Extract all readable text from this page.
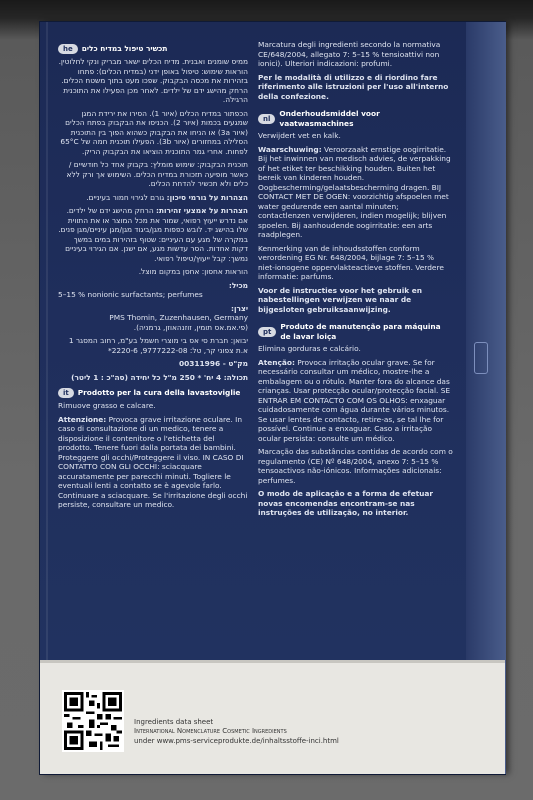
he	תכשיר טיפול במדיח כלים

ממיס שומנים ואבנית. מדיח הכלים ישאר מבריק ונקי לחלוטין. הוראות שימוש: טיפול באופן ידני (במדיח הכלים): פתחו בזהירות את מכסה הבקבוק. שפכו מעט בתוך משטח הכלים. הרחק מהישג ידם של ילדים. לאחר מכן הפעילו את התוכנית הרגילה.

הכפתור במדיח הכלים (איור 1). הסירו את ירידת המגן שמגעים בכמות (איור 2). הכניסו את הבקבוק בפתח הכלים (איור 3a) או הניחו את הבקבוק כשהוא הפוך בין התוכנית הסלילה במחזורים (איור 3b). הפעילו תוכנית חמה של 65°C לפחות. אחרי גמר התוכנית הוציאו את הבקבוק הריק.

תוכנית הבקבוק: שימוש מומלץ: בקבוק אחד כל חודשיים / כאשר מופיעה תזכורת במדיח הכלים. השימוש אך ורק ללא כלים ולא תכשיר להדחת הכלים.

הצהרות על גורמי סיכון: גורם לגירוי חמור בעיניים.

הצהרות על אמצעי זהירות: הרחק מהישג ידם של ילדים. אם נדרש ייעוץ רפואי, שמור את מכל המוצר או את התווית שלו בהישג יד. לובש כפפות מגן/ביגוד מגן/מגן עיניים/מגן פנים. במקרה של מגע עם העיניים: שטוף בזהירות במים במשך דקות אחדות. הסר עדשות מגע, אם ישנן. אם הגירוי בעיניים נמשך: קבל ייעוץ/טיפול רפואי.

הוראות אחסון: אחסן במקום מוצל.

מכיל:

5–15 % nonionic surfactants; perfumes

יצרן:

PMS Thomin, Zuzenhausen, Germany

(פי.אמ.אס תומין, זוזנהאוזן, גרמניה).

יבואן: חברת סי אס בי מוצרי חשמל בע"מ, רחוב המסגר 1 א.ת צפוני קר, טל: 9777222-08, 2220-6*

מק"ט - 00311996

תכולה: 4 יח' * 250 מ"ל כל יחידה (סה"כ : 1 ליטר)

it	Prodotto per la cura della lavastoviglie

Rimuove grasso e calcare.

Attenzione: Provoca grave irritazione oculare. In caso di consultazione di un medico, tenere a disposizione il contenitore o l'etichetta del prodotto. Tenere fuori dalla portata dei bambini. Proteggere gli occhi/Proteggere il viso. IN CASO DI CONTATTO CON GLI OCCHI: sciacquare accuratamente per parecchi minuti. Togliere le eventuali lenti a contatto se è agevole farlo. Continuare a sciacquare. Se l'irritazione degli occhi persiste, consultare un medico.

Marcatura degli ingredienti secondo la normativa CE/648/2004, allegato 7: 5–15 % tensioattivi non ionici). Ulteriori indicazioni: profumi.

Per le modalità di utilizzo e di riordino fare riferimento alle istruzioni per l'uso all'interno della confezione.

nl
Onderhoudsmiddel voor vaatwasmachines

Verwijdert vet en kalk.

Waarschuwing: Veroorzaakt ernstige oogirritatie. Bij het inwinnen van medisch advies, de verpakking of het etiket ter beschikking houden. Buiten het bereik van kinderen houden. Oogbescherming/gelaatsbescherming dragen. BIJ CONTACT MET DE OGEN: voorzichtig afspoelen met water gedurende een aantal minuten; contactlenzen verwijderen, indien mogelijk; blijven spoelen. Bij aanhoudende oogirritatie: een arts raadplegen.

Kenmerking van de inhoudsstoffen conform verordening EG Nr. 648/2004, bijlage 7: 5–15 % niet-ionogene oppervlakteactieve stoffen. Verdere informatie: parfums.

Voor de instructies voor het gebruik en nabestellingen verwijzen we naar de bijgesloten gebruiksaanwijzing.

pt
Produto de manutenção para máquina de lavar loiça

Elimina gorduras e calcário.

Atenção: Provoca irritação ocular grave. Se for necessário consultar um médico, mostre-lhe a embalagem ou o rótulo. Manter fora do alcance das crianças. Usar protecção ocular/protecção facial. SE ENTRAR EM CONTACTO COM OS OLHOS: enxaguar cuidadosamente com água durante vários minutos. Se usar lentes de contacto, retire-as, se tal lhe for possível. Continue a enxaguar. Caso a irritação ocular persista: consulte um médico.

Marcação das substâncias contidas de acordo com o regulamento (CE) Nº 648/2004, anexo 7: 5–15 % tensoactivos não-iónicos. Informações adicionais: perfumes.

O modo de aplicação e a forma de efetuar novas encomendas encontram-se nas instruções de utilização, no interior.

Ingredients data sheet
International Nomenclature Cosmetic Ingredients
under www.pms-serviceprodukte.de/inhaltsstoffe-inci.html
